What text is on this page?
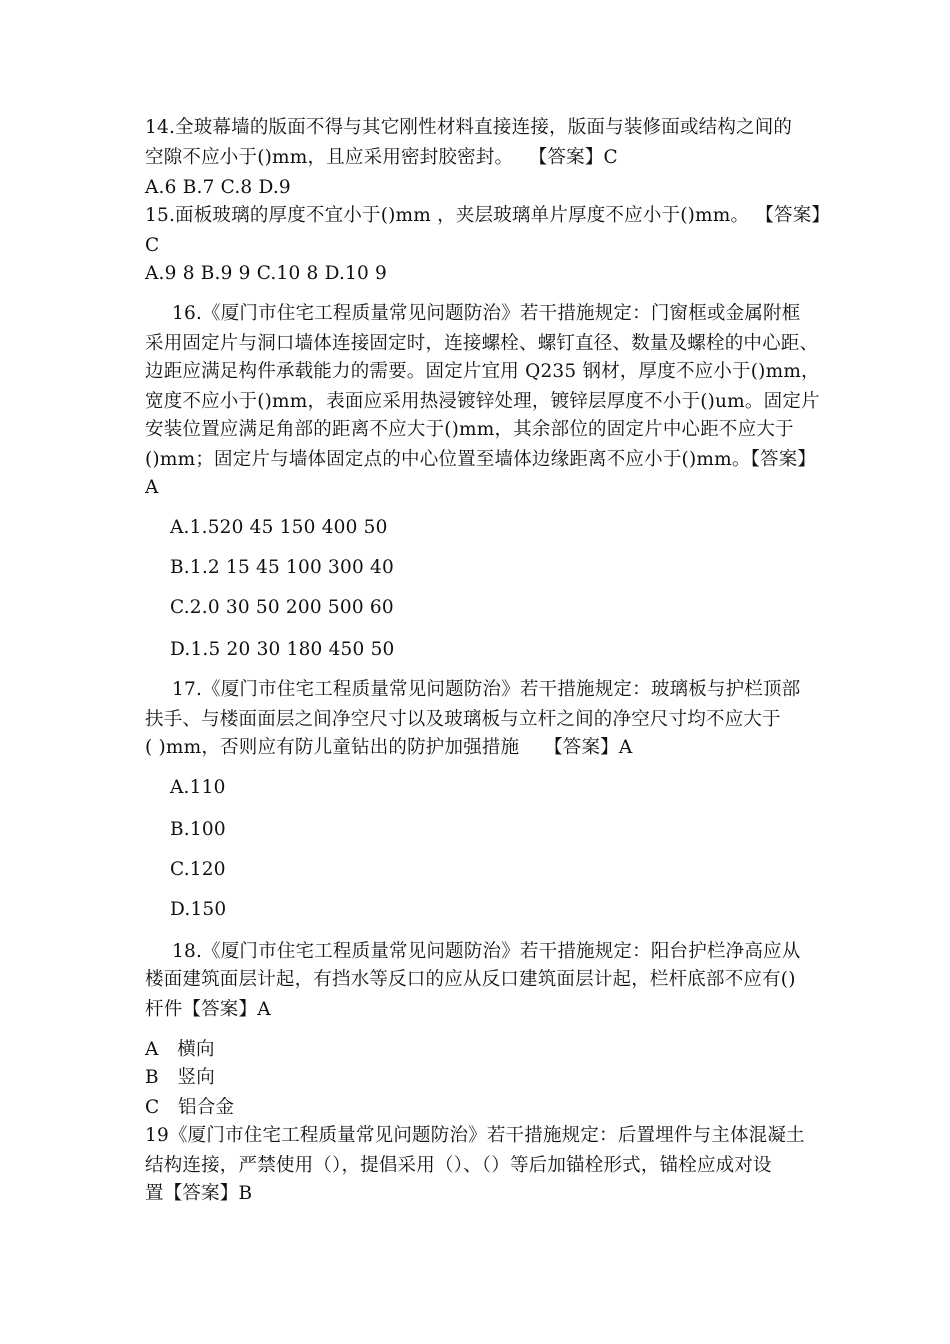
14.全玻幕墙的版面不得与其它刚性材料直接连接，版面与装修面或结构之间的
空隙不应小于()mm，且应采用密封胶密封。　 【答案】C
A.6 B.7 C.8 D.9
15.面板玻璃的厚度不宜小于()mm ，夹层玻璃单片厚度不应小于()mm。 【答案】
C
A.9 8 B.9 9 C.10 8 D.10 9
16.《厦门市住宅工程质量常见问题防治》若干措施规定：门窗框或金属附框
采用固定片与洞口墙体连接固定时，连接螺栓、螺钉直径、数量及螺栓的中心距、
边距应满足构件承载能力的需要。固定片宜用 Q235 钢材，厚度不应小于()mm，
宽度不应小于()mm，表面应采用热浸镀锌处理，镀锌层厚度不小于()um。固定片
安装位置应满足角部的距离不应大于()mm，其余部位的固定片中心距不应大于
()mm；固定片与墙体固定点的中心位置至墙体边缘距离不应小于()mm。【答案】
A
A.1.520 45 150 400 50
B.1.2 15 45 100 300 40
C.2.0 30 50 200 500 60
D.1.5 20 30 180 450 50
17.《厦门市住宅工程质量常见问题防治》若干措施规定：玻璃板与护栏顶部
扶手、与楼面面层之间净空尺寸以及玻璃板与立杆之间的净空尺寸均不应大于
( )mm，否则应有防儿童钻出的防护加强措施　 【答案】A
A.110
B.100
C.120
D.150
18.《厦门市住宅工程质量常见问题防治》若干措施规定：阳台护栏净高应从
楼面建筑面层计起，有挡水等反口的应从反口建筑面层计起，栏杆底部不应有()
杆件【答案】A
A　横向
B　竖向
C　铝合金
19《厦门市住宅工程质量常见问题防治》若干措施规定：后置埋件与主体混凝土
结构连接，严禁使用（），提倡采用（）、（）等后加锚栓形式，锚栓应成对设
置【答案】B
